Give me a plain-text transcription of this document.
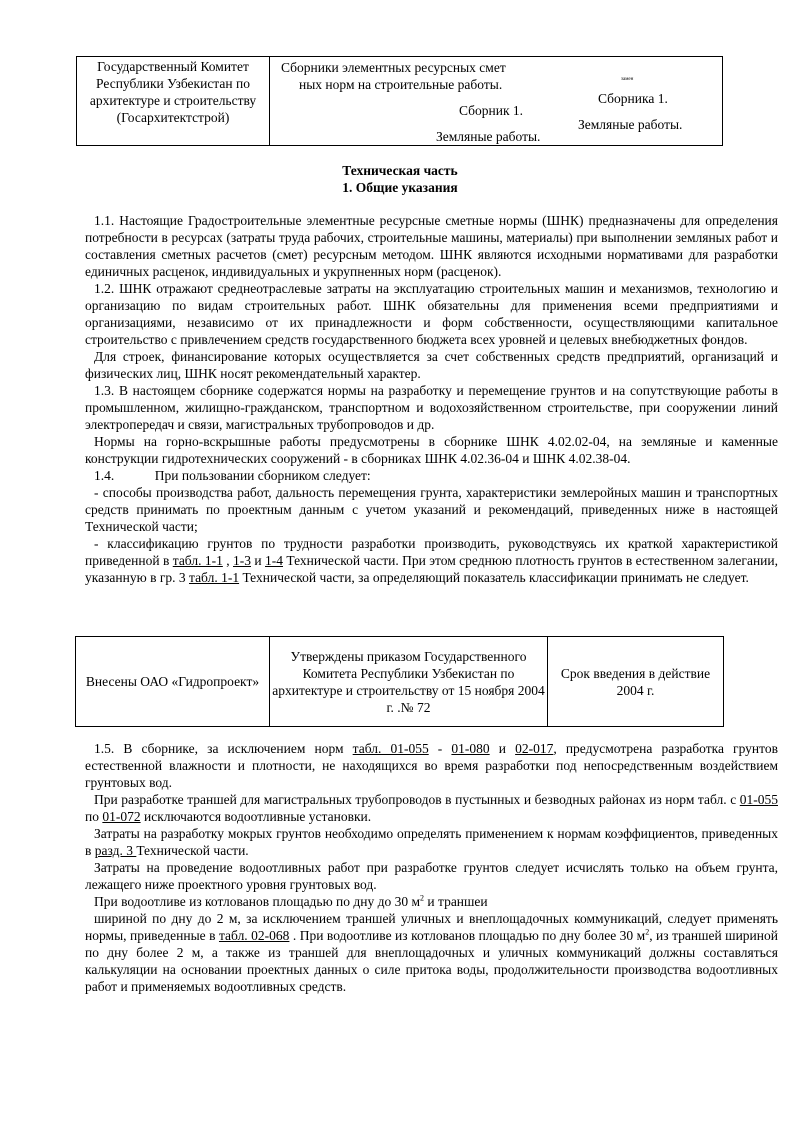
Государственный Комитет Республики Узбекистан по архитектуре и строительству (Госархитектстрой)
Сборники элементных ресурсных смет
ных норм на строительные работы.	замен
Сборник 1.
Земляные работы.
Сборника 1.
Земляные работы.
Техническая часть
1. Общие указания

1.1. Настоящие Градостроительные элементные ресурсные сметные нормы (ШНК) предназначены для определения потребности в ресурсах (затраты труда рабочих, строительные машины, материалы) при выполнении земляных работ и составления сметных расчетов (смет) ресурсным методом. ШНК являются исходными нормативами для разработки единичных расценок, индивидуальных и укрупненных норм (расценок).

1.2. ШНК отражают среднеотраслевые затраты на эксплуатацию строительных машин и механизмов, технологию и организацию по видам строительных работ. ШНК обязательны для применения всеми предприятиями и организациями, независимо от их принадлежности и форм собственности, осуществляющими капитальное строительство с привлечением средств государственного бюджета всех уровней и целевых внебюджетных фондов.

Для строек, финансирование которых осуществляется за счет собственных средств предприятий, организаций и физических лиц, ШНК носят рекомендательный характер.

1.3. В настоящем сборнике содержатся нормы на разработку и перемещение грунтов и на сопутствующие работы в промышленном, жилищно-гражданском, транспортном и водохозяйственном строительстве, при сооружении линий электропередач и связи, магистральных трубопроводов и др.

Нормы на горно-вскрышные работы предусмотрены в сборнике ШНК 4.02.02-04, на земляные и каменные конструкции гидротехнических сооружений - в сборниках ШНК 4.02.36-04 и ШНК 4.02.38-04.

1.4.            При пользовании сборником следует:

- способы производства работ, дальность перемещения грунта, характеристики землеройных машин и транспортных средств принимать по проектным данным с учетом указаний и рекомендаций, приведенных ниже в настоящей Технической части;

- классификацию грунтов по трудности разработки производить, руководствуясь их краткой характеристикой приведенной в табл. 1-1 , 1-3 и 1-4 Технической части. При этом среднюю плотность грунтов в естественном залегании, указанную в гр. 3 табл. 1-1 Технической части, за определяющий показатель классификации принимать не следует.

Внесены ОАО «Гидропроект»
Утверждены приказом Государственного Комитета Республики Узбекистан по архитектуре и строительству от 15 ноября 2004 г. .№ 72
Срок введения в действие 2004 г.

1.5. В сборнике, за исключением норм табл. 01-055 - 01-080 и 02-017, предусмотрена разработка грунтов естественной влажности и плотности, не находящихся во время разработки под непосредственным воздействием грунтовых вод.

При разработке траншей для магистральных трубопроводов в пустынных и безводных районах из норм табл. с 01-055 по 01-072 исключаются водоотливные установки.

Затраты на разработку мокрых грунтов необходимо определять применением к нормам коэффициентов, приведенных в разд. 3 Технической части.

Затраты на проведение водоотливных работ при разработке грунтов следует исчислять только на объем грунта, лежащего ниже проектного уровня грунтовых вод.

При водоотливе из котлованов площадью по дну до 30 $м^2$ и траншеи

шириной по дну до 2 м, за исключением траншей уличных и внеплощадочных коммуникаций, следует применять нормы, приведенные в табл. 02-068 . При водоотливе из котлованов площадью по дну более 30 $м^2$, из траншей шириной по дну более 2 м, а также из траншей для внеплощадочных и уличных коммуникаций должны составляться калькуляции на основании проектных данных о силе притока воды, продолжительности производства водоотливных работ и применяемых водоотливных средств.
